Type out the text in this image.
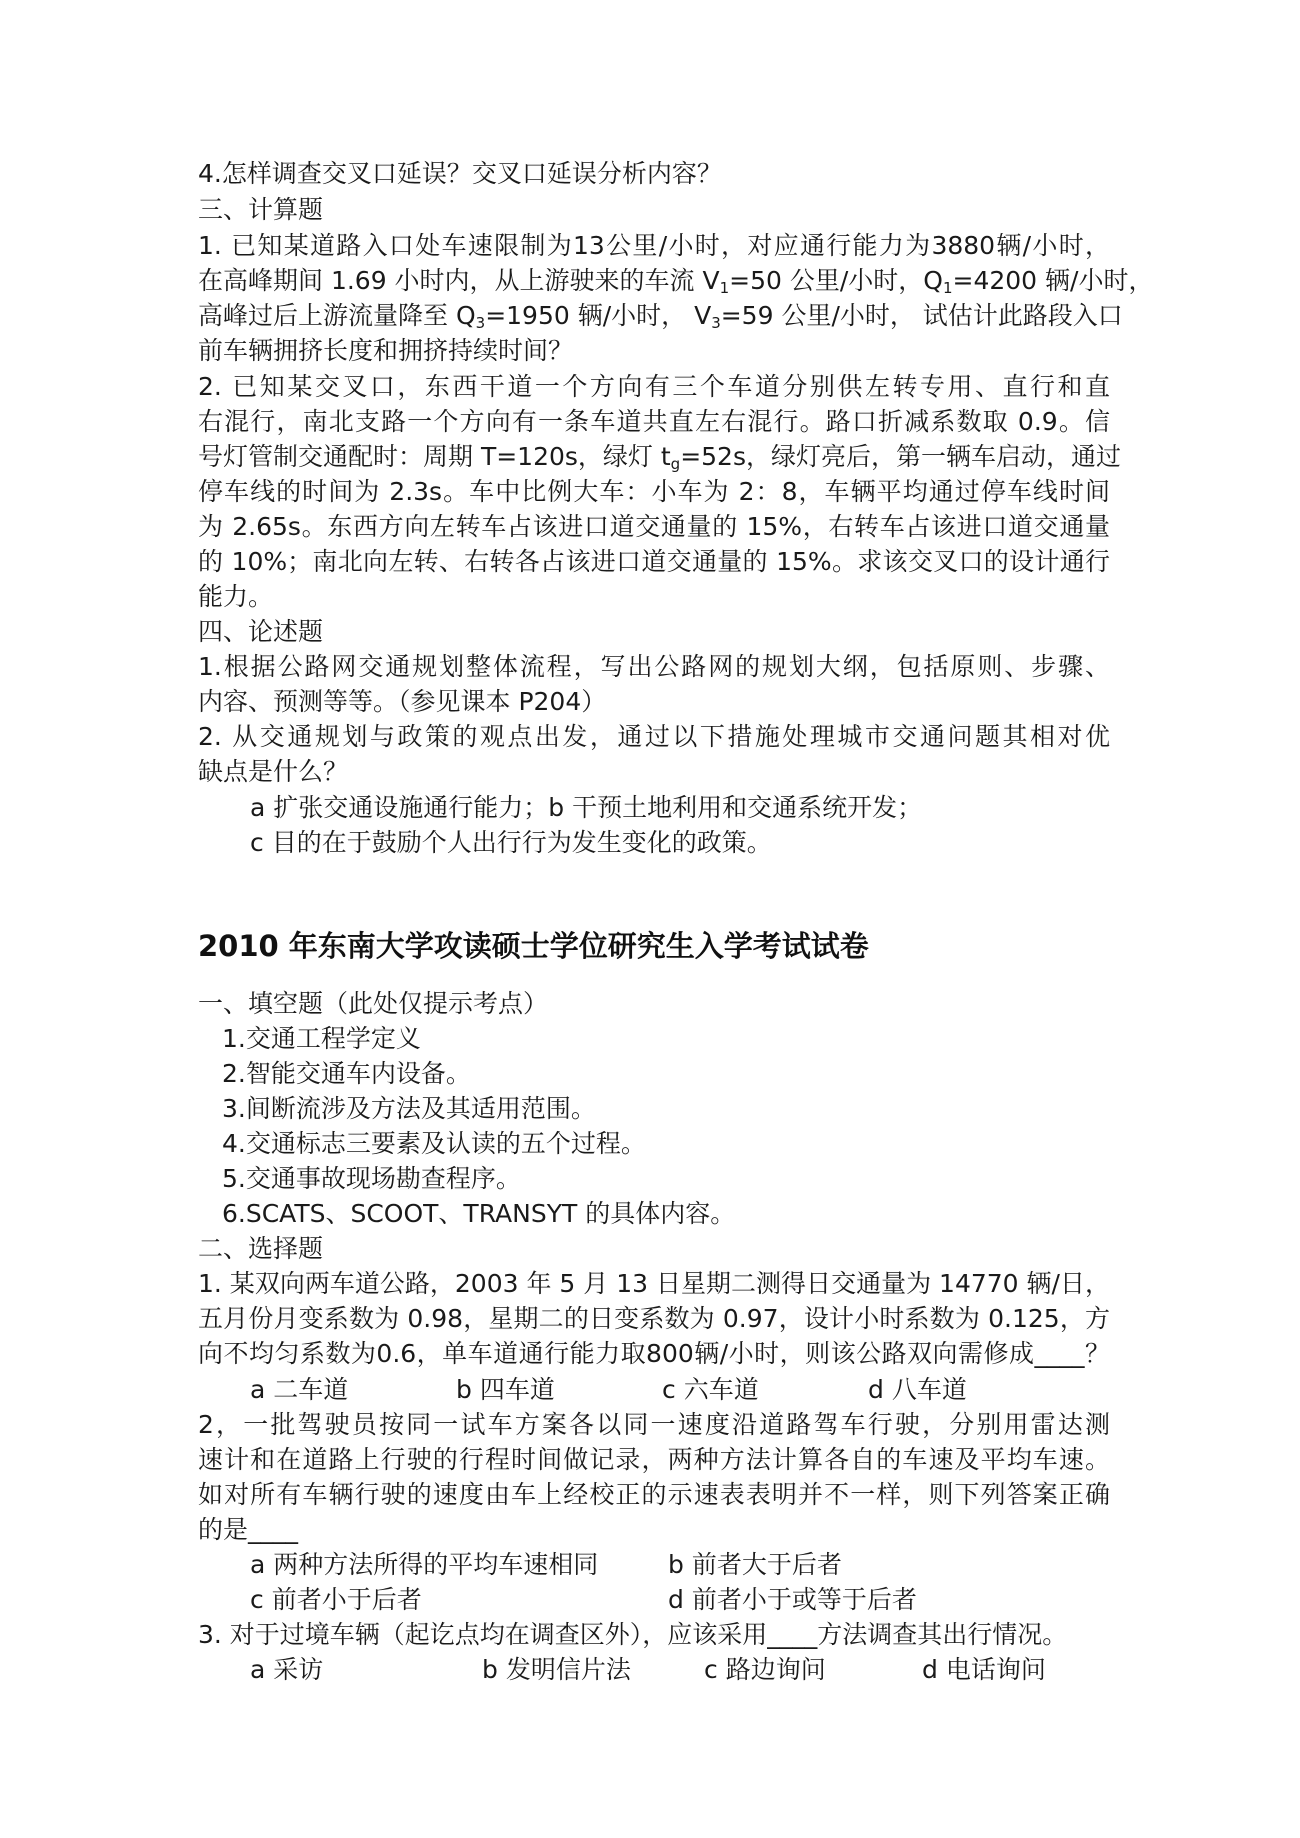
4.怎样调查交叉口延误？交叉口延误分析内容？
三、计算题
1. 已知某道路入口处车速限制为13公里/小时，对应通行能力为3880辆/小时，
在高峰期间 1.69 小时内，从上游驶来的车流 $V_1=50$ 公里/小时，$Q_1=4200$ 辆/小时，
高峰过后上游流量降至 $Q_3=1950$ 辆/小时， $V_3=59$ 公里/小时， 试估计此路段入口
前车辆拥挤长度和拥挤持续时间？
2. 已知某交叉口，东西干道一个方向有三个车道分别供左转专用、直行和直
右混行，南北支路一个方向有一条车道共直左右混行。路口折减系数取 0.9。信
号灯管制交通配时：周期 T=120s，绿灯 $t_g=52s$，绿灯亮后，第一辆车启动，通过
停车线的时间为 2.3s。车中比例大车：小车为 2：8，车辆平均通过停车线时间
为 2.65s。东西方向左转车占该进口道交通量的 15%，右转车占该进口道交通量
的 10%；南北向左转、右转各占该进口道交通量的 15%。求该交叉口的设计通行
能力。
四、论述题
1.根据公路网交通规划整体流程，写出公路网的规划大纲，包括原则、步骤、
内容、预测等等。（参见课本 P204）
2. 从交通规划与政策的观点出发，通过以下措施处理城市交通问题其相对优
缺点是什么？
a 扩张交通设施通行能力；b 干预土地利用和交通系统开发；
c 目的在于鼓励个人出行行为发生变化的政策。
2010 年东南大学攻读硕士学位研究生入学考试试卷
一、填空题（此处仅提示考点）
1.交通工程学定义
2.智能交通车内设备。
3.间断流涉及方法及其适用范围。
4.交通标志三要素及认读的五个过程。
5.交通事故现场勘查程序。
6.SCATS、SCOOT、TRANSYT 的具体内容。
二、选择题
1. 某双向两车道公路，2003 年 5 月 13 日星期二测得日交通量为 14770 辆/日，
五月份月变系数为 0.98，星期二的日变系数为 0.97，设计小时系数为 0.125，方
向不均匀系数为0.6，单车道通行能力取800辆/小时，则该公路双向需修成____？
a 二车道	b 四车道	c 六车道	d 八车道
2，一批驾驶员按同一试车方案各以同一速度沿道路驾车行驶，分别用雷达测
速计和在道路上行驶的行程时间做记录，两种方法计算各自的车速及平均车速。
如对所有车辆行驶的速度由车上经校正的示速表表明并不一样，则下列答案正确
的是____
a 两种方法所得的平均车速相同	b 前者大于后者
c 前者小于后者	d 前者小于或等于后者
3. 对于过境车辆（起讫点均在调查区外），应该采用____方法调查其出行情况。
a 采访	b 发明信片法	c 路边询问	d 电话询问
